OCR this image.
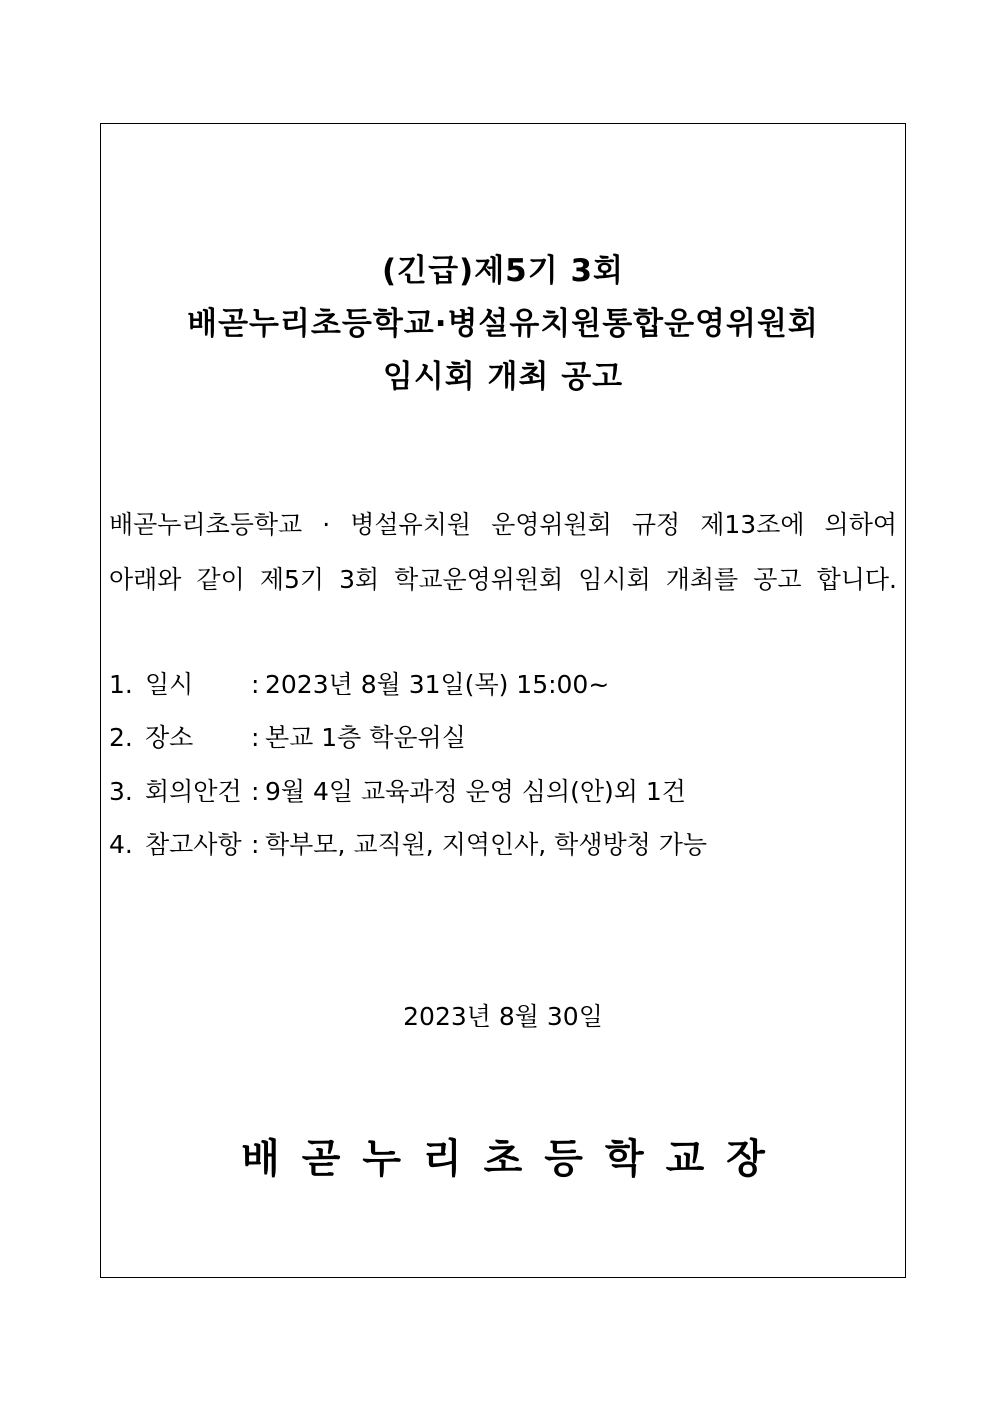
(긴급)제5기 3회
배곧누리초등학교·병설유치원통합운영위원회
임시회 개최 공고
배곧누리초등학교 · 병설유치원 운영위원회 규정 제13조에 의하여
아래와 같이 제5기 3회 학교운영위원회 임시회 개최를 공고 합니다.
1. 일시 : 2023년 8월 31일(목) 15:00~
2. 장소 : 본교 1층 학운위실
3. 회의안건 : 9월 4일 교육과정 운영 심의(안)외 1건
4. 참고사항 : 학부모, 교직원, 지역인사, 학생방청 가능
2023년 8월 30일
배곧누리초등학교장
